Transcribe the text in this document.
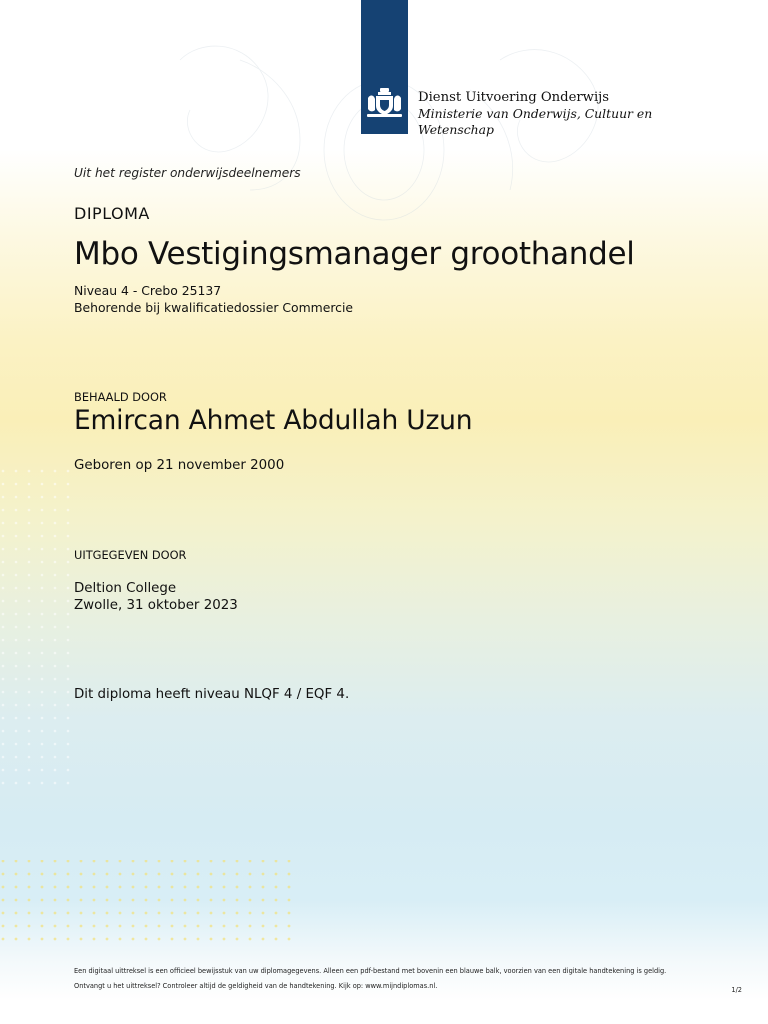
Dienst Uitvoering Onderwijs
Ministerie van Onderwijs, Cultuur en
Wetenschap
Uit het register onderwijsdeelnemers
DIPLOMA
Mbo Vestigingsmanager groothandel
Niveau 4 - Crebo 25137
Behorende bij kwalificatiedossier Commercie
BEHAALD DOOR
Emircan Ahmet Abdullah Uzun
Geboren op 21 november 2000
UITGEGEVEN DOOR
Deltion College
Zwolle, 31 oktober 2023
Dit diploma heeft niveau NLQF 4 / EQF 4.
Een digitaal uittreksel is een officieel bewijsstuk van uw diplomagegevens. Alleen een pdf-bestand met bovenin een blauwe balk, voorzien van een digitale handtekening is geldig.
Ontvangt u het uittreksel? Controleer altijd de geldigheid van de handtekening. Kijk op: www.mijndiplomas.nl.	1/2
